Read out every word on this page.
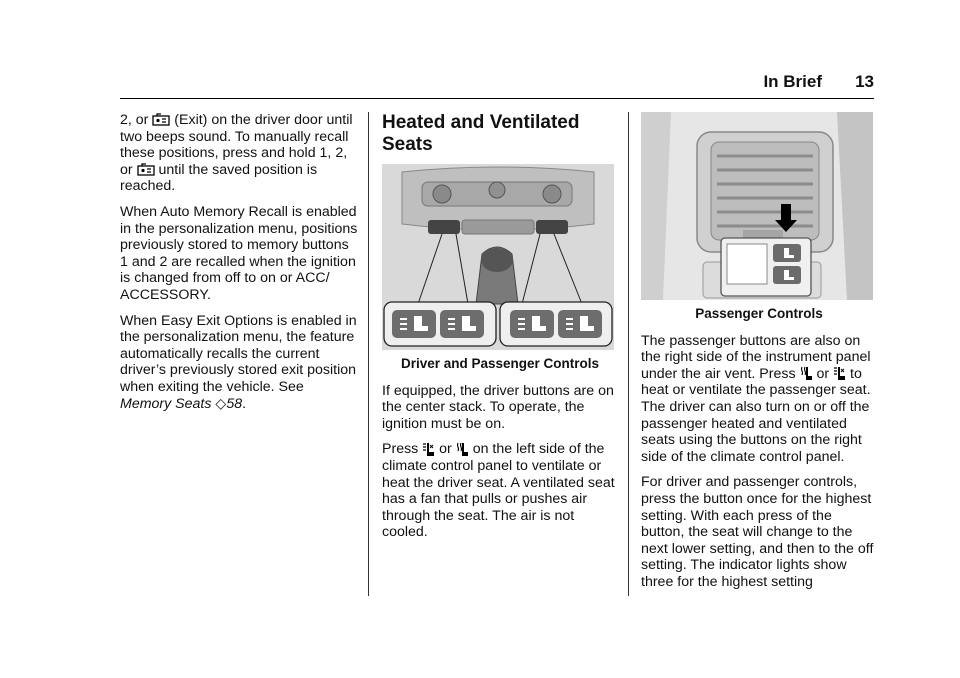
In Brief 13

2, or (Exit) on the driver door until two beeps sound. To manually recall these positions, press and hold 1, 2, or until the saved position is reached.

When Auto Memory Recall is enabled in the personalization menu, positions previously stored to memory buttons 1 and 2 are recalled when the ignition is changed from off to on or ACC/ ACCESSORY.

When Easy Exit Options is enabled in the personalization menu, the feature automatically recalls the current driver’s previously stored exit position when exiting the vehicle. See Memory Seats ◇58.

Heated and Ventilated Seats
Driver and Passenger Controls

If equipped, the driver buttons are on the center stack. To operate, the ignition must be on.

Press or on the left side of the climate control panel to ventilate or heat the driver seat. A ventilated seat has a fan that pulls or pushes air through the seat. The air is not cooled.

Passenger Controls

The passenger buttons are also on the right side of the instrument panel under the air vent. Press or to heat or ventilate the passenger seat. The driver can also turn on or off the passenger heated and ventilated seats using the buttons on the right side of the climate control panel.

For driver and passenger controls, press the button once for the highest setting. With each press of the button, the seat will change to the next lower setting, and then to the off setting. The indicator lights show three for the highest setting
